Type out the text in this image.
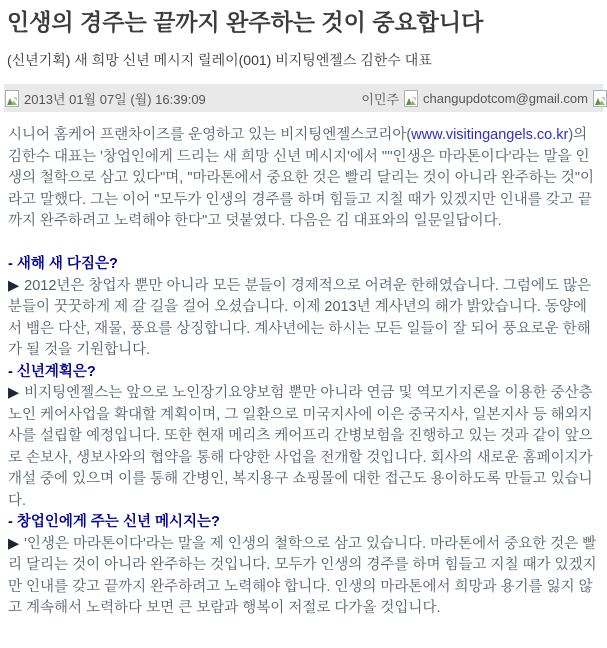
인생의 경주는 끝까지 완주하는 것이 중요합니다
(신년기획) 새 희망 신년 메시지 릴레이(001) 비지팅엔젤스 김한수 대표
2013년 01월 07일 (월) 16:39:09	이민주 changupdotcom@gmail.com

시니어 홈케어 프랜차이즈를 운영하고 있는 비지팅엔젤스코리아(www.visitingangels.co.kr)의 김한수 대표는 '창업인에게 드리는 새 희망 신년 메시지'에서 "''인생은 마라톤이다'라는 말을 인생의 철학으로 삼고 있다"며, "마라톤에서 중요한 것은 빨리 달리는 것이 아니라 완주하는 것"이라고 말했다. 그는 이어 "모두가 인생의 경주를 하며 힘들고 지칠 때가 있겠지만 인내를 갖고 끝까지 완주하려고 노력해야 한다"고 덧붙였다. 다음은 김 대표와의 일문일답이다.

- 새해 새 다짐은?

▶ 2012년은 창업자 뿐만 아니라 모든 분들이 경제적으로 어려운 한해였습니다. 그럼에도 많은 분들이 꿋꿋하게 제 갈 길을 걸어 오셨습니다. 이제 2013년 계사년의 해가 밝았습니다. 동양에서 뱀은 다산, 재물, 풍요를 상징합니다. 계사년에는 하시는 모든 일들이 잘 되어 풍요로운 한해가 될 것을 기원합니다.

- 신년계획은?

▶ 비지팅엔젤스는 앞으로 노인장기요양보험 뿐만 아니라 연금 및 역모기지론을 이용한 중산층노인 케어사업을 확대할 계획이며, 그 일환으로 미국지사에 이은 중국지사, 일본지사 등 해외지사를 설립할 예정입니다. 또한 현재 메리츠 케어프리 간병보험을 진행하고 있는 것과 같이 앞으로 손보사, 생보사와의 협약을 통해 다양한 사업을 전개할 것입니다. 회사의 새로운 홈페이지가 개설 중에 있으며 이를 통해 간병인, 복지용구 쇼핑몰에 대한 접근도 용이하도록 만들고 있습니다.

- 창업인에게 주는 신년 메시지는?

▶ '인생은 마라톤이다'라는 말을 제 인생의 철학으로 삼고 있습니다. 마라톤에서 중요한 것은 빨리 달리는 것이 아니라 완주하는 것입니다. 모두가 인생의 경주를 하며 힘들고 지칠 때가 있겠지만 인내를 갖고 끝까지 완주하려고 노력해야 합니다. 인생의 마라톤에서 희망과 용기를 잃지 않고 계속해서 노력하다 보면 큰 보람과 행복이 저절로 다가올 것입니다.
